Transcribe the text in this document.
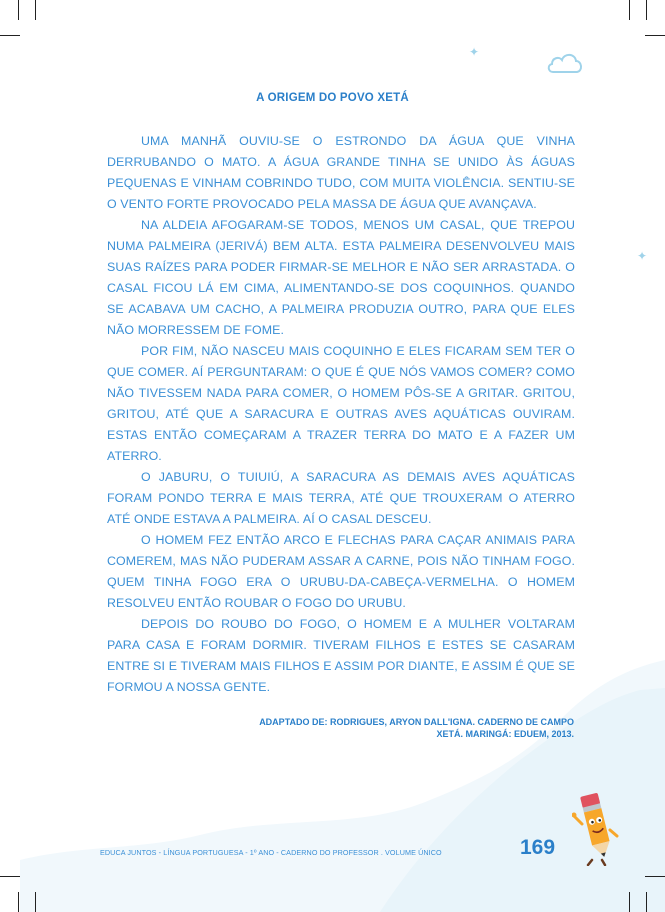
✦
✦
A ORIGEM DO POVO XETÁ

UMA MANHÃ OUVIU-SE O ESTRONDO DA ÁGUA QUE VINHA DERRUBANDO O MATO. A ÁGUA GRANDE TINHA SE UNIDO ÀS ÁGUAS PEQUENAS E VINHAM COBRINDO TUDO, COM MUITA VIOLÊNCIA. SENTIU-SE O VENTO FORTE PROVOCADO PELA MASSA DE ÁGUA QUE AVANÇAVA.

NA ALDEIA AFOGARAM-SE TODOS, MENOS UM CASAL, QUE TREPOU NUMA PALMEIRA (JERIVÁ) BEM ALTA. ESTA PALMEIRA DESENVOLVEU MAIS SUAS RAÍZES PARA PODER FIRMAR-SE MELHOR E NÃO SER ARRASTADA. O CASAL FICOU LÁ EM CIMA, ALIMENTANDO-SE DOS COQUINHOS. QUANDO SE ACABAVA UM CACHO, A PALMEIRA PRODUZIA OUTRO, PARA QUE ELES NÃO MORRESSEM DE FOME.

POR FIM, NÃO NASCEU MAIS COQUINHO E ELES FICARAM SEM TER O QUE COMER. AÍ PERGUNTARAM: O QUE É QUE NÓS VAMOS COMER? COMO NÃO TIVESSEM NADA PARA COMER, O HOMEM PÔS-SE A GRITAR. GRITOU, GRITOU, ATÉ QUE A SARACURA E OUTRAS AVES AQUÁTICAS OUVIRAM. ESTAS ENTÃO COMEÇARAM A TRAZER TERRA DO MATO E A FAZER UM ATERRO.

O JABURU, O TUIUIÚ, A SARACURA AS DEMAIS AVES AQUÁTICAS FORAM PONDO TERRA E MAIS TERRA, ATÉ QUE TROUXERAM O ATERRO ATÉ ONDE ESTAVA A PALMEIRA. AÍ O CASAL DESCEU.

O HOMEM FEZ ENTÃO ARCO E FLECHAS PARA CAÇAR ANIMAIS PARA COMEREM, MAS NÃO PUDERAM ASSAR A CARNE, POIS NÃO TINHAM FOGO. QUEM TINHA FOGO ERA O URUBU-DA-CABEÇA-VERMELHA. O HOMEM RESOLVEU ENTÃO ROUBAR O FOGO DO URUBU.

DEPOIS DO ROUBO DO FOGO, O HOMEM E A MULHER VOLTARAM PARA CASA E FORAM DORMIR. TIVERAM FILHOS E ESTES SE CASARAM ENTRE SI E TIVERAM MAIS FILHOS E ASSIM POR DIANTE, E ASSIM É QUE SE FORMOU A NOSSA GENTE.

ADAPTADO DE: RODRIGUES, ARYON DALL'IGNA. CADERNO DE CAMPO
XETÁ. MARINGÁ: EDUEM, 2013.
EDUCA JUNTOS - LÍNGUA PORTUGUESA - 1º ANO - CADERNO DO PROFESSOR . VOLUME ÚNICO	169
